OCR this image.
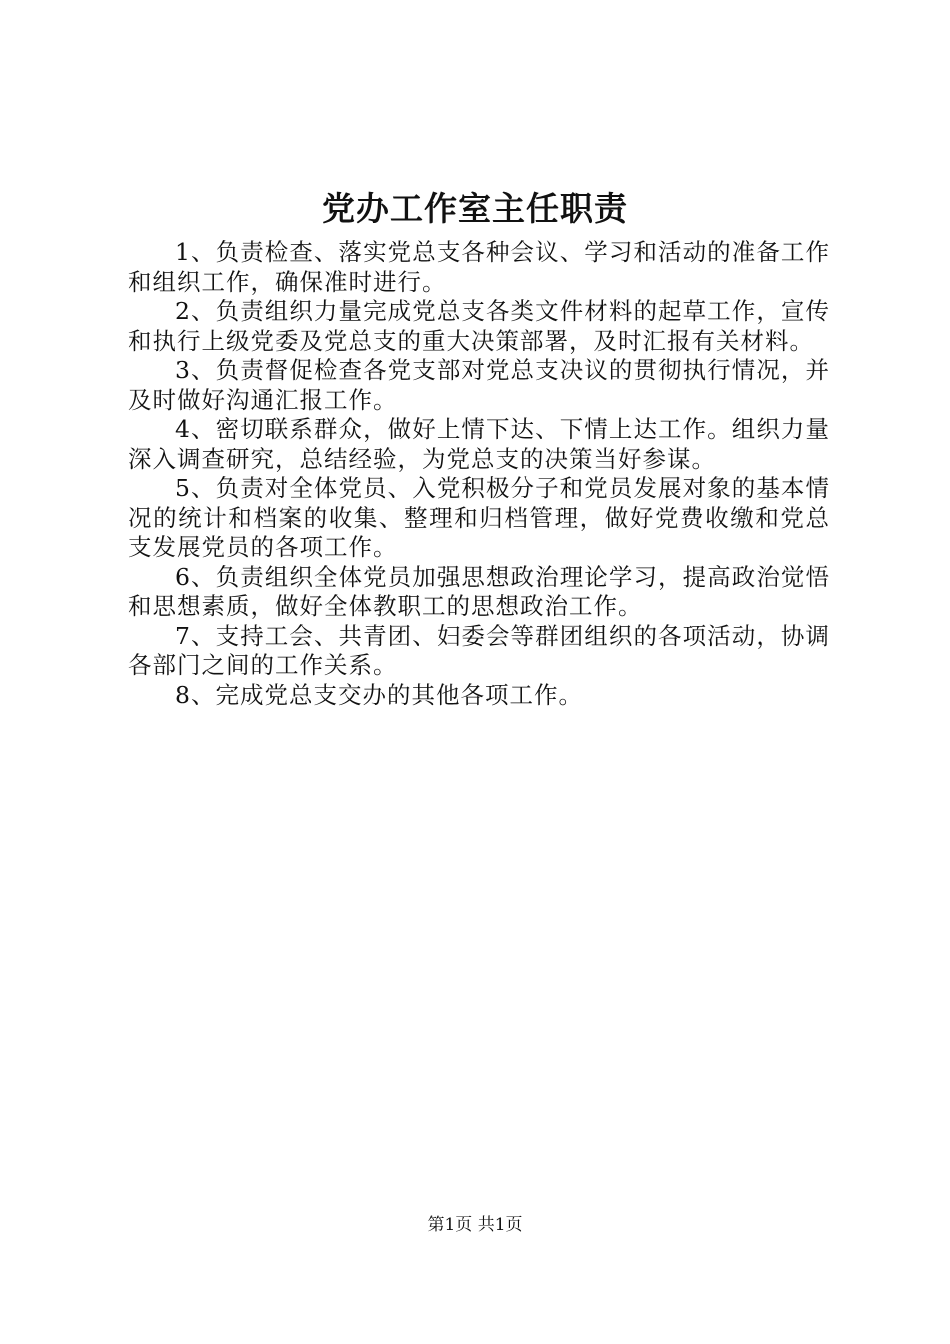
党办工作室主任职责

1、负责检查、落实党总支各种会议、学习和活动的准备工作和组织工作，确保准时进行。

2、负责组织力量完成党总支各类文件材料的起草工作，宣传和执行上级党委及党总支的重大决策部署，及时汇报有关材料。

3、负责督促检查各党支部对党总支决议的贯彻执行情况，并及时做好沟通汇报工作。

4、密切联系群众，做好上情下达、下情上达工作。组织力量深入调查研究，总结经验，为党总支的决策当好参谋。

5、负责对全体党员、入党积极分子和党员发展对象的基本情况的统计和档案的收集、整理和归档管理，做好党费收缴和党总支发展党员的各项工作。

6、负责组织全体党员加强思想政治理论学习，提高政治觉悟和思想素质，做好全体教职工的思想政治工作。

7、支持工会、共青团、妇委会等群团组织的各项活动，协调各部门之间的工作关系。

8、完成党总支交办的其他各项工作。

第1页 共1页
